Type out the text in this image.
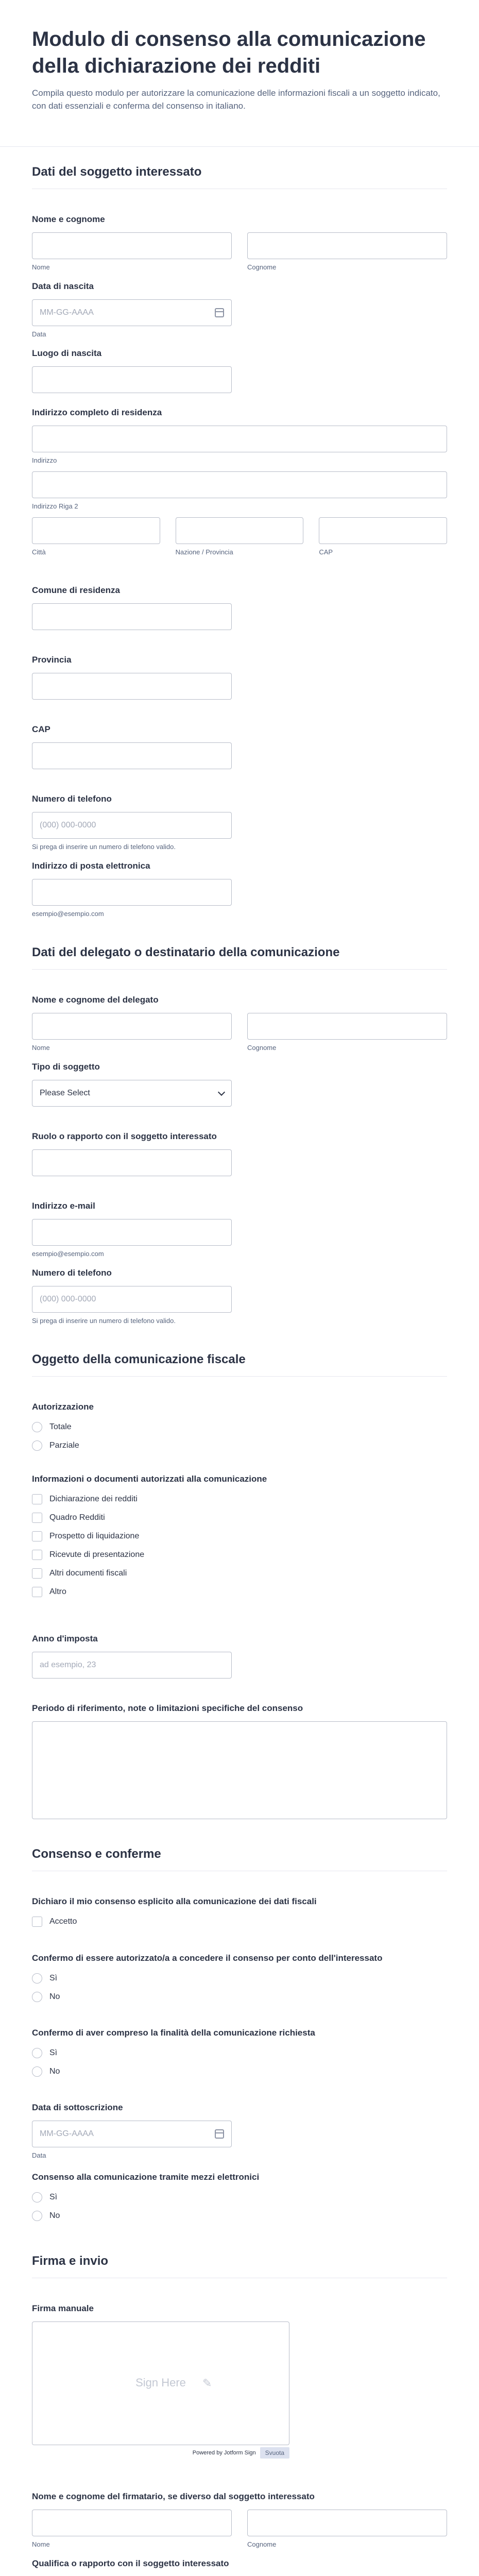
Modulo di consenso alla comunicazione della dichiarazione dei redditi

Compila questo modulo per autorizzare la comunicazione delle informazioni fiscali a un soggetto indicato, con dati essenziali e conferma del consenso in italiano.

Dati del soggetto interessato
Nome e cognome
Nome	Cognome
Data di nascita
MM-GG-AAAA
Data
Luogo di nascita
Indirizzo completo di residenza
Indirizzo
Indirizzo Riga 2
Città	Nazione / Provincia	CAP
Comune di residenza
Provincia
CAP
Numero di telefono
(000) 000-0000
Si prega di inserire un numero di telefono valido.
Indirizzo di posta elettronica
esempio@esempio.com
Dati del delegato o destinatario della comunicazione
Nome e cognome del delegato
Nome	Cognome
Tipo di soggetto
Please Select
Ruolo o rapporto con il soggetto interessato
Indirizzo e-mail
esempio@esempio.com
Numero di telefono
(000) 000-0000
Si prega di inserire un numero di telefono valido.
Oggetto della comunicazione fiscale
Autorizzazione
Totale
Parziale
Informazioni o documenti autorizzati alla comunicazione
Dichiarazione dei redditi
Quadro Redditi
Prospetto di liquidazione
Ricevute di presentazione
Altri documenti fiscali
Altro
Anno d'imposta
ad esempio, 23
Periodo di riferimento, note o limitazioni specifiche del consenso
Consenso e conferme
Dichiaro il mio consenso esplicito alla comunicazione dei dati fiscali
Accetto
Confermo di essere autorizzato/a a concedere il consenso per conto dell'interessato
Sì
No
Confermo di aver compreso la finalità della comunicazione richiesta
Sì
No
Data di sottoscrizione
MM-GG-AAAA
Data
Consenso alla comunicazione tramite mezzi elettronici
Sì
No
Firma e invio
Firma manuale
Sign Here	✎
Powered by Jotform Sign	Svuota
Nome e cognome del firmatario, se diverso dal soggetto interessato
Nome	Cognome
Qualifica o rapporto con il soggetto interessato
